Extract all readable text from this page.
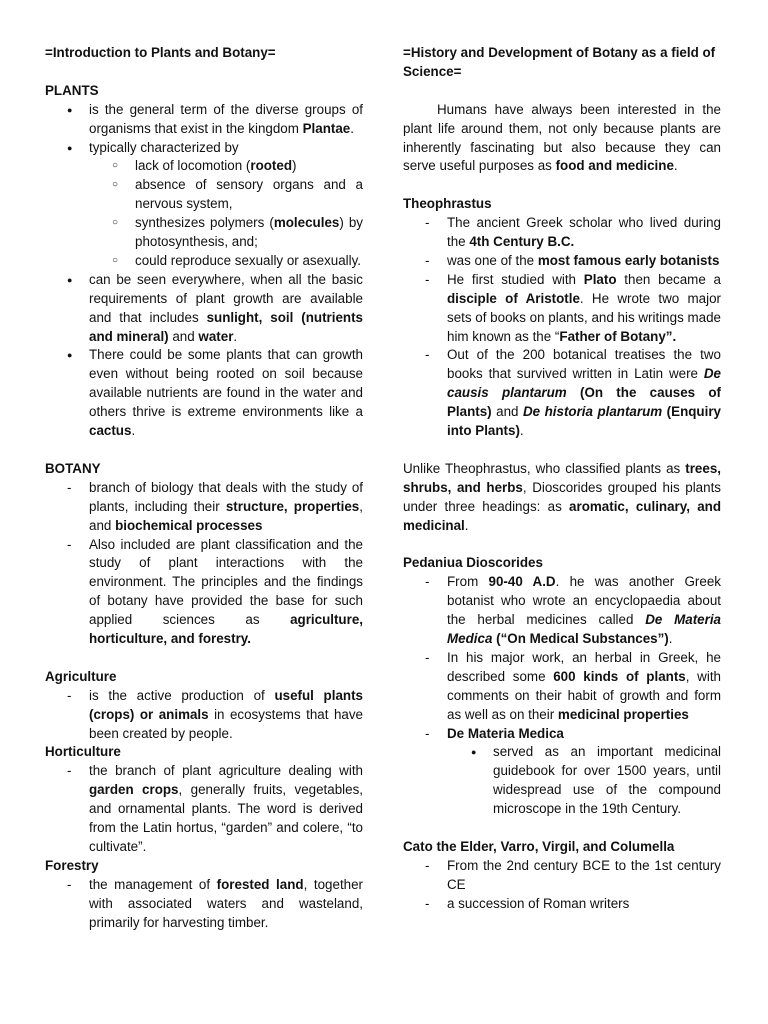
=Introduction to Plants and Botany=
PLANTS
● is the general term of the diverse groups of organisms that exist in the kingdom Plantae.
● typically characterized by
○ lack of locomotion (rooted)
○ absence of sensory organs and a nervous system,
○ synthesizes polymers (molecules) by photosynthesis, and;
○ could reproduce sexually or asexually.
● can be seen everywhere, when all the basic requirements of plant growth are available and that includes sunlight, soil (nutrients and mineral) and water.
● There could be some plants that can growth even without being rooted on soil because available nutrients are found in the water and others thrive is extreme environments like a cactus.
BOTANY
- branch of biology that deals with the study of plants, including their structure, properties, and biochemical processes
- Also included are plant classification and the study of plant interactions with the environment. The principles and the findings of botany have provided the base for such applied sciences as agriculture, horticulture, and forestry.
Agriculture
- is the active production of useful plants (crops) or animals in ecosystems that have been created by people.
Horticulture
- the branch of plant agriculture dealing with garden crops, generally fruits, vegetables, and ornamental plants. The word is derived from the Latin hortus, “garden” and colere, “to cultivate”.
Forestry
- the management of forested land, together with associated waters and wasteland, primarily for harvesting timber.
=History and Development of Botany as a field of Science=
Humans have always been interested in the plant life around them, not only because plants are inherently fascinating but also because they can serve useful purposes as food and medicine.
Theophrastus
- The ancient Greek scholar who lived during the 4th Century B.C.
- was one of the most famous early botanists
- He first studied with Plato then became a disciple of Aristotle. He wrote two major sets of books on plants, and his writings made him known as the “Father of Botany”.
- Out of the 200 botanical treatises the two books that survived written in Latin were De causis plantarum (On the causes of Plants) and De historia plantarum (Enquiry into Plants).
Unlike Theophrastus, who classified plants as trees, shrubs, and herbs, Dioscorides grouped his plants under three headings: as aromatic, culinary, and medicinal.
Pedaniua Dioscorides
- From 90-40 A.D. he was another Greek botanist who wrote an encyclopaedia about the herbal medicines called De Materia Medica (“On Medical Substances”).
- In his major work, an herbal in Greek, he described some 600 kinds of plants, with comments on their habit of growth and form as well as on their medicinal properties
- De Materia Medica
● served as an important medicinal guidebook for over 1500 years, until widespread use of the compound microscope in the 19th Century.
Cato the Elder, Varro, Virgil, and Columella
- From the 2nd century BCE to the 1st century CE
- a succession of Roman writers
